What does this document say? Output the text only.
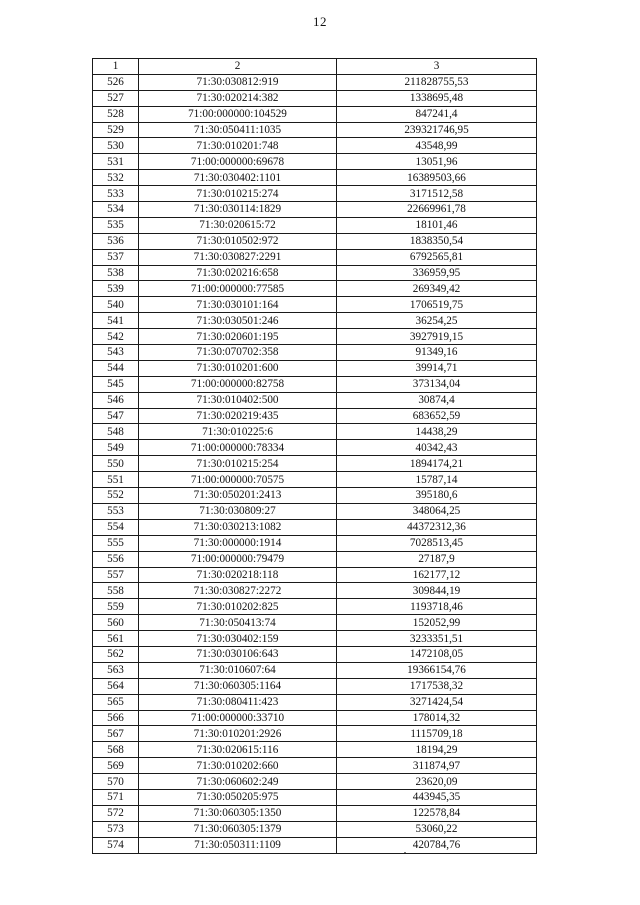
12
1	2	3
526	71:30:030812:919	211828755,53
527	71:30:020214:382	1338695,48
528	71:00:000000:104529	847241,4
529	71:30:050411:1035	239321746,95
530	71:30:010201:748	43548,99
531	71:00:000000:69678	13051,96
532	71:30:030402:1101	16389503,66
533	71:30:010215:274	3171512,58
534	71:30:030114:1829	22669961,78
535	71:30:020615:72	18101,46
536	71:30:010502:972	1838350,54
537	71:30:030827:2291	6792565,81
538	71:30:020216:658	336959,95
539	71:00:000000:77585	269349,42
540	71:30:030101:164	1706519,75
541	71:30:030501:246	36254,25
542	71:30:020601:195	3927919,15
543	71:30:070702:358	91349,16
544	71:30:010201:600	39914,71
545	71:00:000000:82758	373134,04
546	71:30:010402:500	30874,4
547	71:30:020219:435	683652,59
548	71:30:010225:6	14438,29
549	71:00:000000:78334	40342,43
550	71:30:010215:254	1894174,21
551	71:00:000000:70575	15787,14
552	71:30:050201:2413	395180,6
553	71:30:030809:27	348064,25
554	71:30:030213:1082	44372312,36
555	71:30:000000:1914	7028513,45
556	71:00:000000:79479	27187,9
557	71:30:020218:118	162177,12
558	71:30:030827:2272	309844,19
559	71:30:010202:825	1193718,46
560	71:30:050413:74	152052,99
561	71:30:030402:159	3233351,51
562	71:30:030106:643	1472108,05
563	71:30:010607:64	19366154,76
564	71:30:060305:1164	1717538,32
565	71:30:080411:423	3271424,54
566	71:00:000000:33710	178014,32
567	71:30:010201:2926	1115709,18
568	71:30:020615:116	18194,29
569	71:30:010202:660	311874,97
570	71:30:060602:249	23620,09
571	71:30:050205:975	443945,35
572	71:30:060305:1350	122578,84
573	71:30:060305:1379	53060,22
574	71:30:050311:1109	420784,76
